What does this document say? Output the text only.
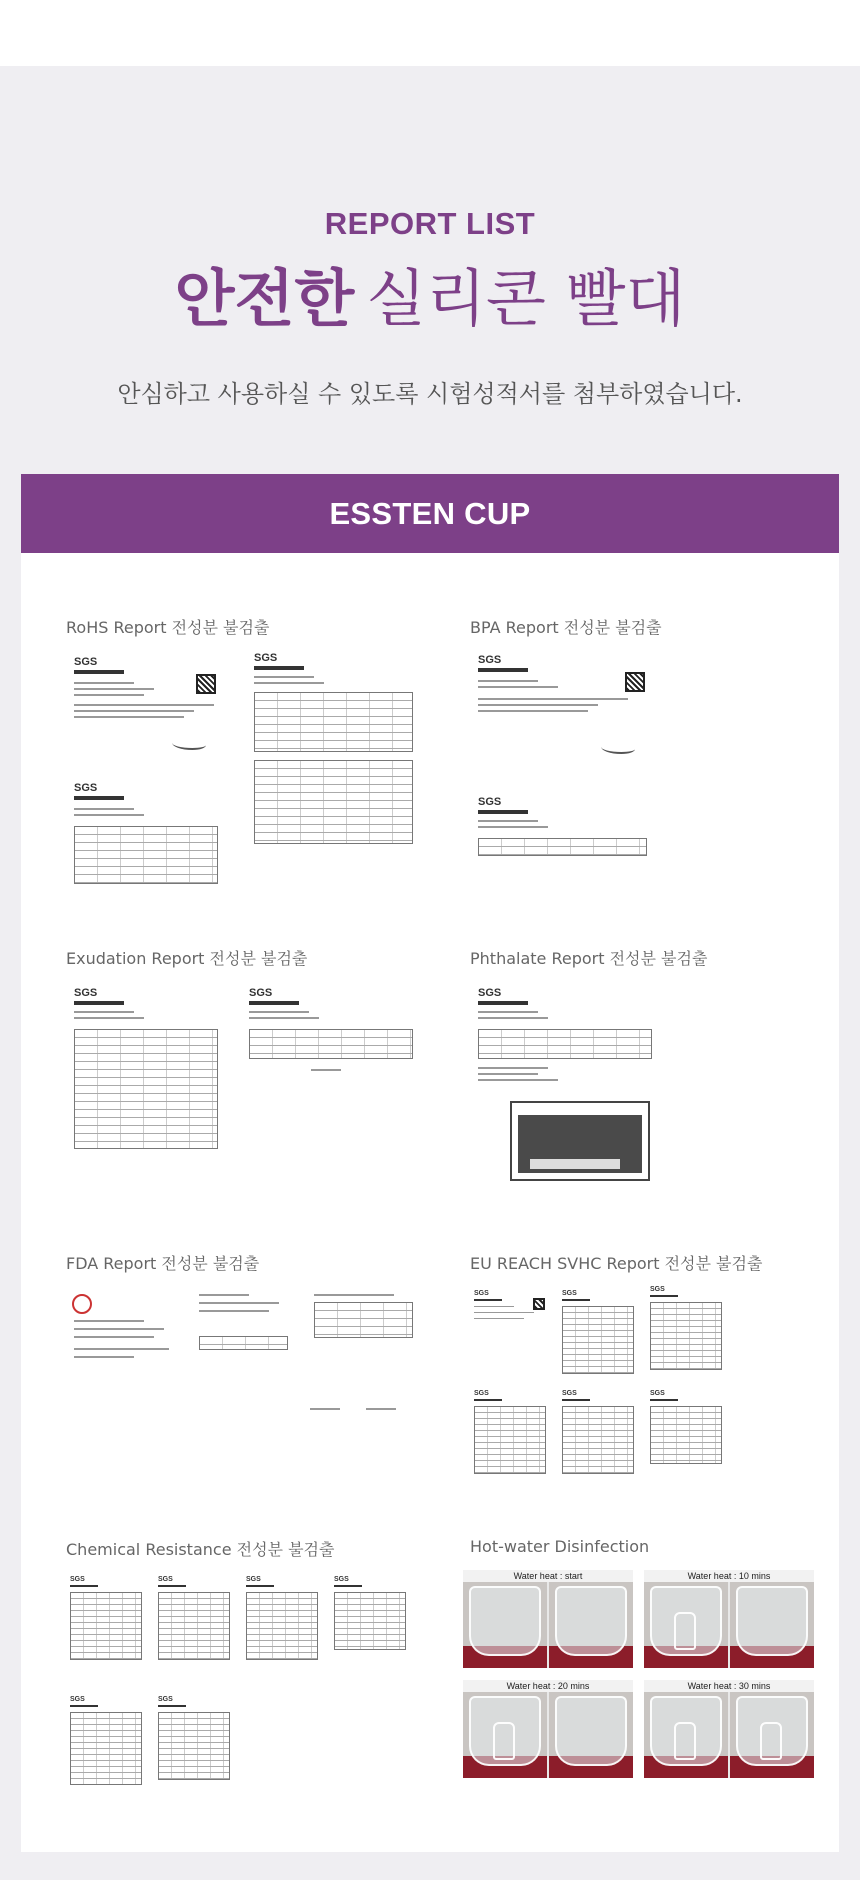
REPORT LIST
안전한 실리콘 빨대
안심하고 사용하실 수 있도록 시험성적서를 첨부하였습니다.
ESSTEN CUP
RoHS Report 전성분 불검출
SGS
SGS
SGS
BPA Report 전성분 불검출
SGS
SGS
Exudation Report 전성분 불검출
SGS	SGS
Phthalate Report 전성분 불검출
SGS
FDA Report 전성분 불검출	EU REACH SVHC Report 전성분 불검출
SGS	SGS
SGS
SGS	SGS	SGS
Chemical Resistance 전성분 불검출
SGS	SGS	SGS	SGS
SGS	SGS
Hot-water Disinfection
Water heat : start	Water heat : 10 mins
Water heat : 20 mins	Water heat : 30 mins
